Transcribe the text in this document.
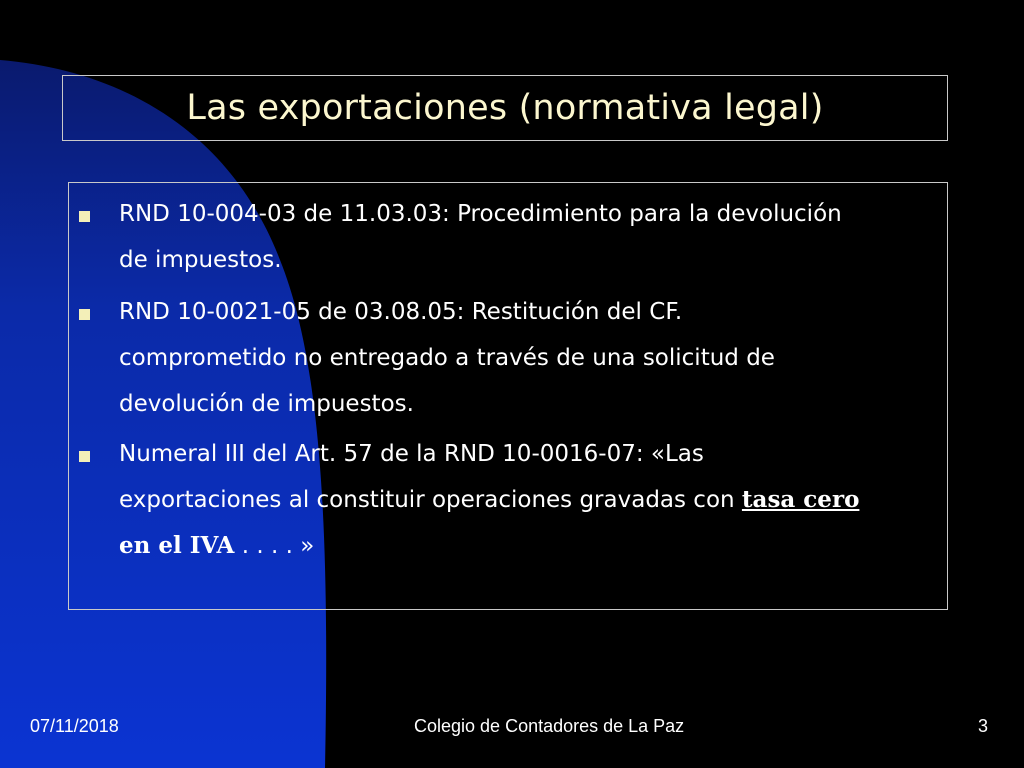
Las exportaciones (normativa legal)

RND 10-004-03 de 11.03.03: Procedimiento para la devolución
de impuestos.

RND 10-0021-05 de 03.08.05: Restitución del CF.
comprometido no entregado a través de una solicitud de
devolución de impuestos.

Numeral III del Art. 57 de la RND 10-0016-07: «Las
exportaciones al constituir operaciones gravadas con tasa cero
en el IVA . . . . »

07/11/2018	Colegio de Contadores de La Paz	3
